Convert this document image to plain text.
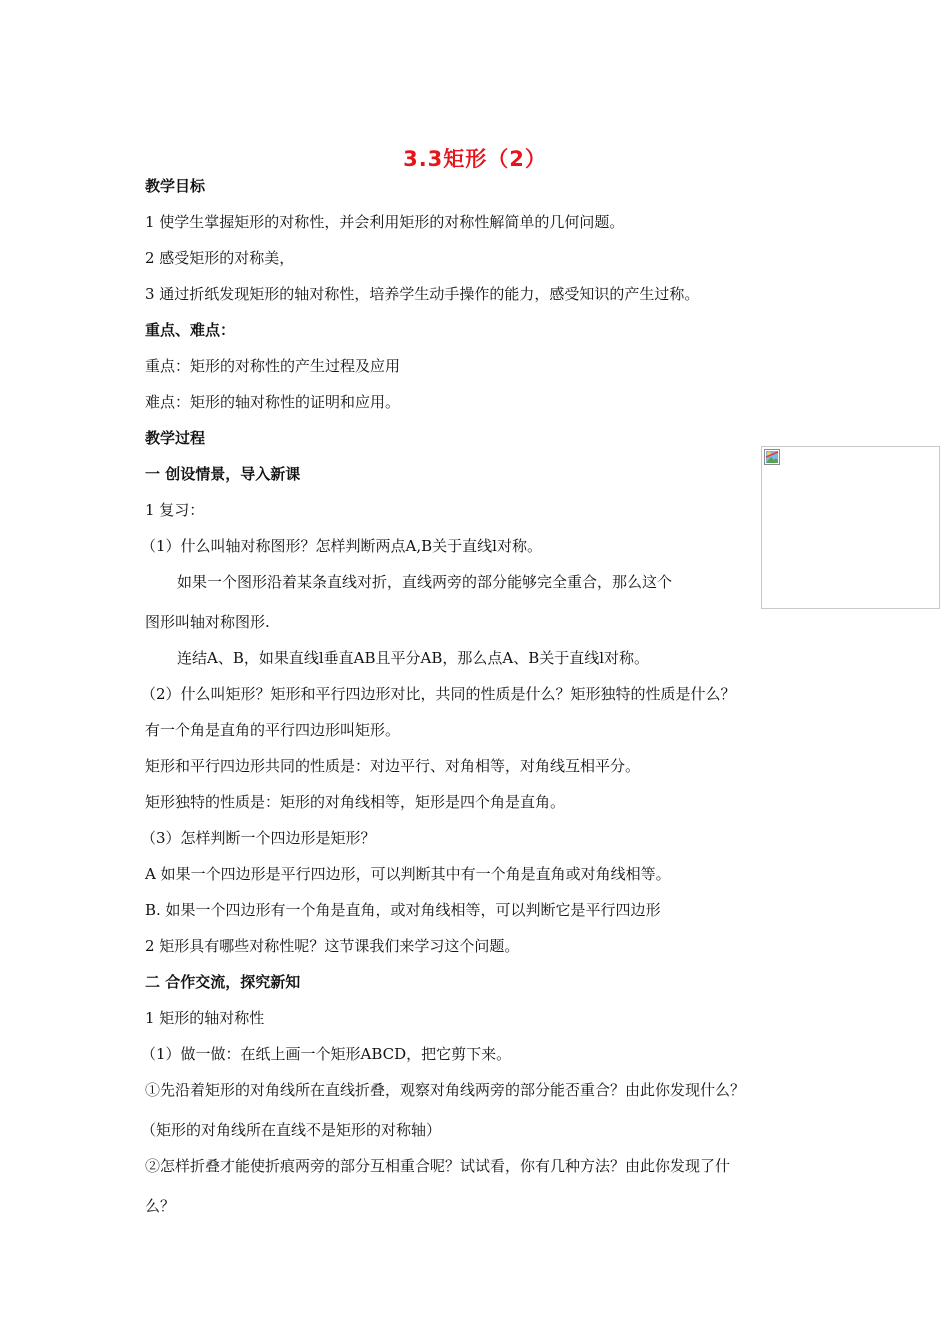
3.3矩形（2）
教学目标
1 使学生掌握矩形的对称性，并会利用矩形的对称性解简单的几何问题。
2 感受矩形的对称美，
3 通过折纸发现矩形的轴对称性，培养学生动手操作的能力，感受知识的产生过称。
重点、难点：
重点：矩形的对称性的产生过程及应用
难点：矩形的轴对称性的证明和应用。
教学过程
一 创设情景，导入新课
1 复习：
（1）什么叫轴对称图形？怎样判断两点A,B关于直线l对称。
如果一个图形沿着某条直线对折，直线两旁的部分能够完全重合，那么这个
图形叫轴对称图形.
连结A、B，如果直线l垂直AB且平分AB，那么点A、B关于直线l对称。
（2）什么叫矩形？矩形和平行四边形对比，共同的性质是什么？矩形独特的性质是什么？
有一个角是直角的平行四边形叫矩形。
矩形和平行四边形共同的性质是：对边平行、对角相等，对角线互相平分。
矩形独特的性质是：矩形的对角线相等，矩形是四个角是直角。
（3）怎样判断一个四边形是矩形？
A 如果一个四边形是平行四边形，可以判断其中有一个角是直角或对角线相等。
B. 如果一个四边形有一个角是直角，或对角线相等，可以判断它是平行四边形
2 矩形具有哪些对称性呢？这节课我们来学习这个问题。
二 合作交流，探究新知
1 矩形的轴对称性
（1）做一做：在纸上画一个矩形ABCD，把它剪下来。
①先沿着矩形的对角线所在直线折叠，观察对角线两旁的部分能否重合？由此你发现什么？
（矩形的对角线所在直线不是矩形的对称轴）
②怎样折叠才能使折痕两旁的部分互相重合呢？试试看，你有几种方法？由此你发现了什
么？
